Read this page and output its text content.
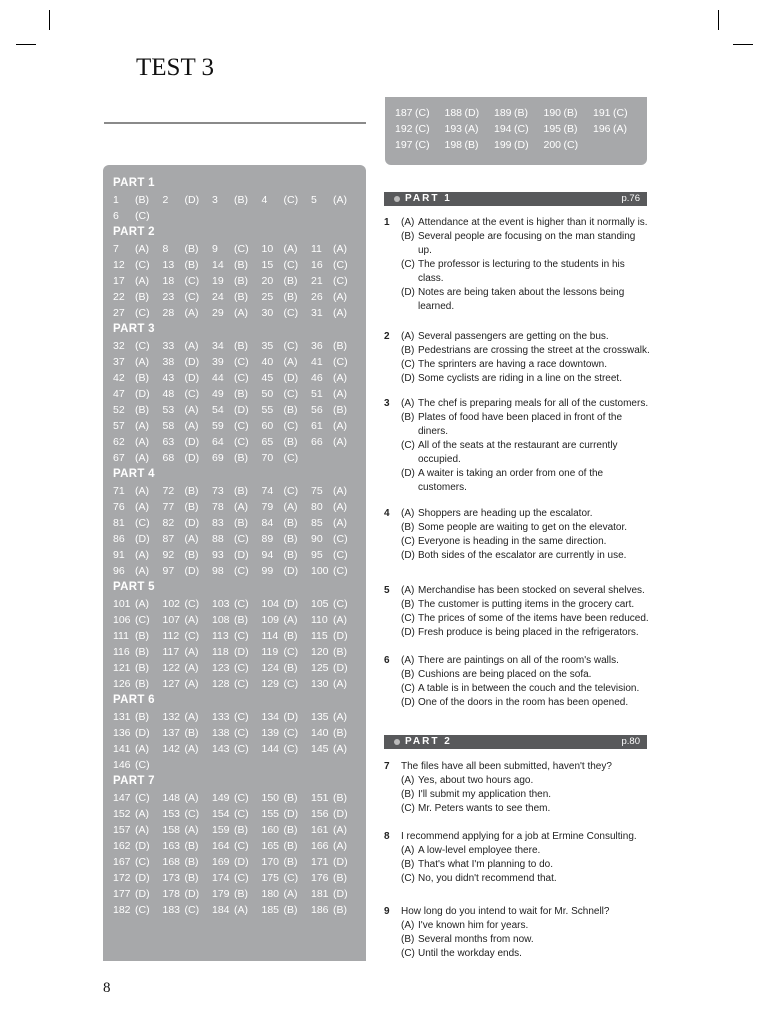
TEST 3
187 (C)	188 (D)	189 (B)	190 (B)	191 (C)
192 (C)	193 (A)	194 (C)	195 (B)	196 (A)
197 (C)	198 (B)	199 (D)	200 (C)
PART 1
1 (B)	2 (D)	3 (B)	4 (C)	5 (A)
6 (C)
PART 2
7 (A)	8 (B)	9 (C)	10 (A)	11 (A)
12 (C)	13 (B)	14 (B)	15 (C)	16 (C)
17 (A)	18 (C)	19 (B)	20 (B)	21 (C)
22 (B)	23 (C)	24 (B)	25 (B)	26 (A)
27 (C)	28 (A)	29 (A)	30 (C)	31 (A)
PART 3
32 (C)	33 (A)	34 (B)	35 (C)	36 (B)
37 (A)	38 (D)	39 (C)	40 (A)	41 (C)
42 (B)	43 (D)	44 (C)	45 (D)	46 (A)
47 (D)	48 (C)	49 (B)	50 (C)	51 (A)
52 (B)	53 (A)	54 (D)	55 (B)	56 (B)
57 (A)	58 (A)	59 (C)	60 (C)	61 (A)
62 (A)	63 (D)	64 (C)	65 (B)	66 (A)
67 (A)	68 (D)	69 (B)	70 (C)
PART 4
71 (A)	72 (B)	73 (B)	74 (C)	75 (A)
76 (A)	77 (B)	78 (A)	79 (A)	80 (A)
81 (C)	82 (D)	83 (B)	84 (B)	85 (A)
86 (D)	87 (A)	88 (C)	89 (B)	90 (C)
91 (A)	92 (B)	93 (D)	94 (B)	95 (C)
96 (A)	97 (D)	98 (C)	99 (D)	100 (C)
PART 5
101 (A)	102 (C)	103 (C)	104 (D)	105 (C)
106 (C)	107 (A)	108 (B)	109 (A)	110 (A)
111 (B)	112 (C)	113 (C)	114 (B)	115 (D)
116 (B)	117 (A)	118 (D)	119 (C)	120 (B)
121 (B)	122 (A)	123 (C)	124 (B)	125 (D)
126 (B)	127 (A)	128 (C)	129 (C)	130 (A)
PART 6
131 (B)	132 (A)	133 (C)	134 (D)	135 (A)
136 (D)	137 (B)	138 (C)	139 (C)	140 (B)
141 (A)	142 (A)	143 (C)	144 (C)	145 (A)
146 (C)
PART 7
147 (C)	148 (A)	149 (C)	150 (B)	151 (B)
152 (A)	153 (C)	154 (C)	155 (D)	156 (D)
157 (A)	158 (A)	159 (B)	160 (B)	161 (A)
162 (D)	163 (B)	164 (C)	165 (B)	166 (A)
167 (C)	168 (B)	169 (D)	170 (B)	171 (D)
172 (D)	173 (B)	174 (C)	175 (C)	176 (B)
177 (D)	178 (D)	179 (B)	180 (A)	181 (D)
182 (C)	183 (C)	184 (A)	185 (B)	186 (B)
PART 1	p.76
PART 2	p.80
1	(A) Attendance at the event is higher than it normally is.
(B) Several people are focusing on the man standing up.
(C) The professor is lecturing to the students in his class.
(D) Notes are being taken about the lessons being learned.
2	(A) Several passengers are getting on the bus.
(B) Pedestrians are crossing the street at the crosswalk.
(C) The sprinters are having a race downtown.
(D) Some cyclists are riding in a line on the street.
3	(A) The chef is preparing meals for all of the customers.
(B) Plates of food have been placed in front of the diners.
(C) All of the seats at the restaurant are currently occupied.
(D) A waiter is taking an order from one of the customers.
4	(A) Shoppers are heading up the escalator.
(B) Some people are waiting to get on the elevator.
(C) Everyone is heading in the same direction.
(D) Both sides of the escalator are currently in use.
5	(A) Merchandise has been stocked on several shelves.
(B) The customer is putting items in the grocery cart.
(C) The prices of some of the items have been reduced.
(D) Fresh produce is being placed in the refrigerators.
6	(A) There are paintings on all of the room's walls.
(B) Cushions are being placed on the sofa.
(C) A table is in between the couch and the television.
(D) One of the doors in the room has been opened.
7	The files have all been submitted, haven't they?
(A) Yes, about two hours ago.
(B) I'll submit my application then.
(C) Mr. Peters wants to see them.
8	I recommend applying for a job at Ermine Consulting.
(A) A low-level employee there.
(B) That's what I'm planning to do.
(C) No, you didn't recommend that.
9	How long do you intend to wait for Mr. Schnell?
(A) I've known him for years.
(B) Several months from now.
(C) Until the workday ends.
8
